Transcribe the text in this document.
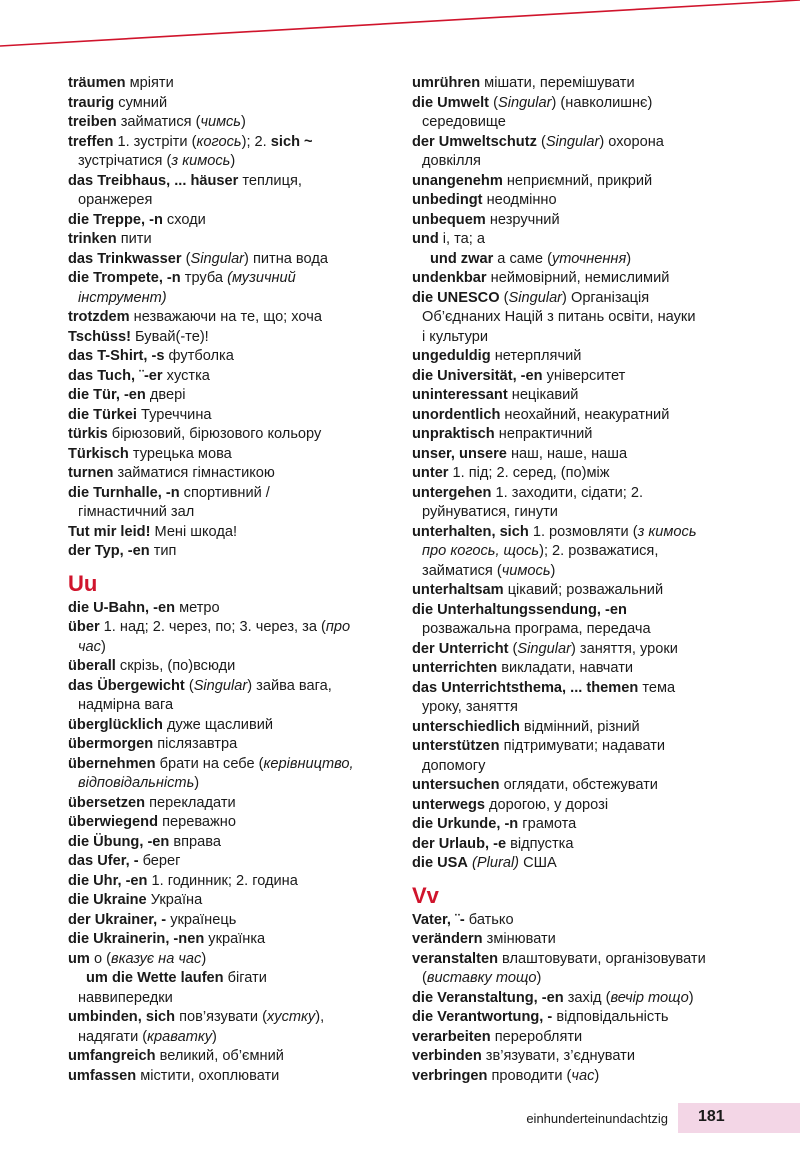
träumen мріяти
traurig сумний
treiben займатися (чимсь)
treffen 1. зустріти (когось); 2. sich ~
зустрічатися (з кимось)
das Treibhaus, ... häuser теплиця,
оранжерея
die Treppe, -n сходи
trinken пити
das Trinkwasser (Singular) питна вода
die Trompete, -n труба (музичний
інструмент)
trotzdem незважаючи на те, що; хоча
Tschüss! Бувай(-те)!
das T-Shirt, -s футболка
das Tuch, ¨-er хустка
die Tür, -en двері
die Türkei Туреччина
türkis бірюзовий, бірюзового кольору
Türkisch турецька мова
turnen займатися гімнастикою
die Turnhalle, -n спортивний /
гімнастичний зал
Tut mir leid! Мені шкода!
der Typ, -en тип
Uu
die U-Bahn, -en метро
über 1. над; 2. через, по; 3. через, за (про
час)
überall скрізь, (по)всюди
das Übergewicht (Singular) зайва вага,
надмірна вага
überglücklich дуже щасливий
übermorgen післязавтра
übernehmen брати на себе (керівництво,
відповідальність)
übersetzen перекладати
überwiegend переважно
die Übung, -en вправа
das Ufer, - берег
die Uhr, -en 1. годинник; 2. година
die Ukraine Україна
der Ukrainer, - українець
die Ukrainerin, -nen українка
um о (вказує на час)
um die Wette laufen бігати
наввипередки
umbinden, sich пов’язувати (хустку),
надягати (краватку)
umfangreich великий, об’ємний
umfassen містити, охоплювати
umrühren мішати, перемішувати
die Umwelt (Singular) (навколишнє)
середовище
der Umweltschutz (Singular) охорона
довкілля
unangenehm неприємний, прикрий
unbedingt неодмінно
unbequem незручний
und і, та; а
und zwar а саме (уточнення)
undenkbar неймовірний, немислимий
die UNESCO (Singular) Організація
Об’єднаних Націй з питань освіти, науки
і культури
ungeduldig нетерплячий
die Universität, -en університет
uninteressant нецікавий
unordentlich неохайний, неакуратний
unpraktisch непрактичний
unser, unsere наш, наше, наша
unter 1. під; 2. серед, (по)між
untergehen 1. заходити, сідати; 2.
руйнуватися, гинути
unterhalten, sich 1. розмовляти (з кимось
про когось, щось); 2. розважатися,
займатися (чимось)
unterhaltsam цікавий; розважальний
die Unterhaltungssendung, -en
розважальна програма, передача
der Unterricht (Singular) заняття, уроки
unterrichten викладати, навчати
das Unterrichtsthema, ... themen тема
уроку, заняття
unterschiedlich відмінний, різний
unterstützen підтримувати; надавати
допомогу
untersuchen оглядати, обстежувати
unterwegs дорогою, у дорозі
die Urkunde, -n грамота
der Urlaub, -e відпустка
die USA (Plural) США
Vv
Vater, ¨- батько
verändern змінювати
veranstalten влаштовувати, організовувати
(виставку тощо)
die Veranstaltung, -en захід (вечір тощо)
die Verantwortung, - відповідальність
verarbeiten переробляти
verbinden зв’язувати, з’єднувати
verbringen проводити (час)
einhunderteinundachtzig 181
